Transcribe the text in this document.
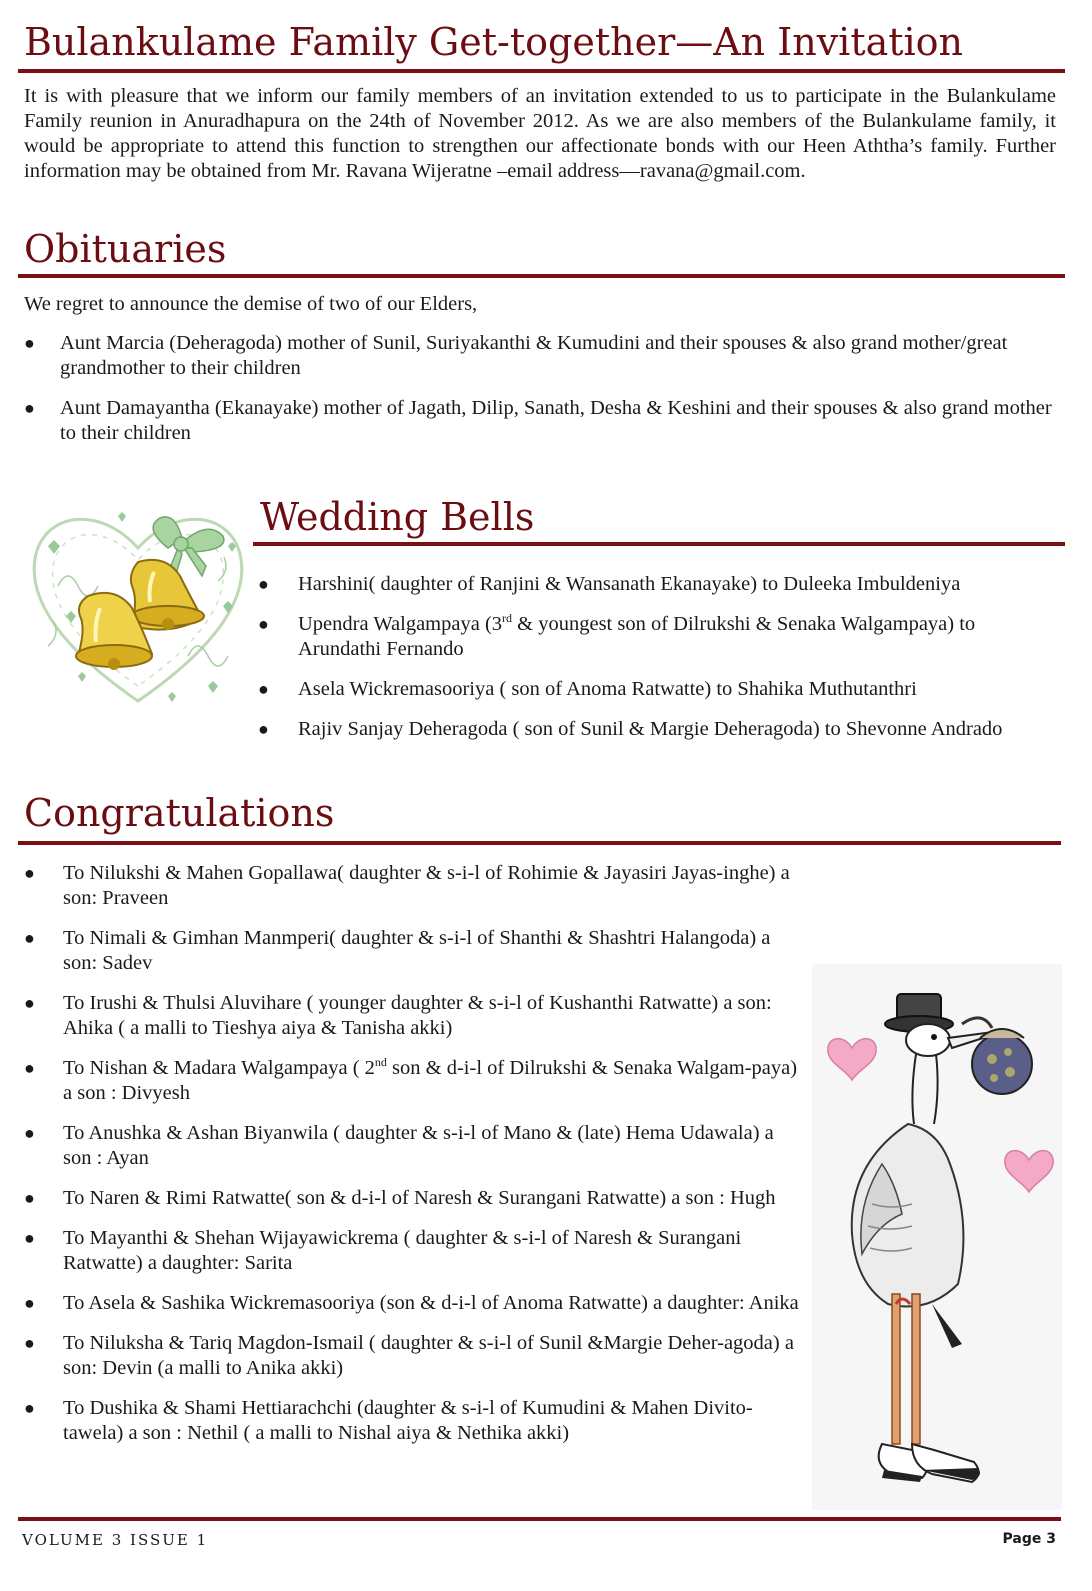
Bulankulame Family Get-together—An Invitation

It is with pleasure that we inform our family members of an invitation extended to us to participate in the Bulankulame Family reunion in Anuradhapura on the 24th of November 2012. As we are also members of the Bulankulame family, it would be appropriate to attend this function to strengthen our affectionate bonds with our Heen Aththa’s family. Further information may be obtained from Mr. Ravana Wijeratne –email address—ravana@gmail.com.

Obituaries

We regret to announce the demise of two of our Elders,

● Aunt Marcia (Deheragoda) mother of Sunil, Suriyakanthi & Kumudini and their spouses & also grand mother/great grandmother to their children
● Aunt Damayantha (Ekanayake) mother of Jagath, Dilip, Sanath, Desha & Keshini and their spouses & also grand mother to their children
Wedding Bells
● Harshini( daughter of Ranjini & Wansanath Ekanayake) to Duleeka Imbuldeniya
● Upendra Walgampaya (3rd & youngest son of Dilrukshi & Senaka Walgampaya) to Arundathi Fernando
● Asela Wickremasooriya ( son of Anoma Ratwatte) to Shahika Muthutanthri
● Rajiv Sanjay Deheragoda ( son of Sunil & Margie Deheragoda) to Shevonne Andrado
Congratulations
● To Nilukshi & Mahen Gopallawa( daughter & s-i-l of Rohimie & Jayasiri Jayas-inghe) a son: Praveen
● To Nimali & Gimhan Manmperi( daughter & s-i-l of Shanthi & Shashtri Halangoda) a son: Sadev
● To Irushi & Thulsi Aluvihare ( younger daughter & s-i-l of Kushanthi Ratwatte) a son: Ahika ( a malli to Tieshya aiya & Tanisha akki)
● To Nishan & Madara Walgampaya ( 2nd son & d-i-l of Dilrukshi & Senaka Walgam-paya) a son : Divyesh
● To Anushka & Ashan Biyanwila ( daughter & s-i-l of Mano & (late) Hema Udawala) a son : Ayan
● To Naren & Rimi Ratwatte( son & d-i-l of Naresh & Surangani Ratwatte) a son : Hugh
● To Mayanthi & Shehan Wijayawickrema ( daughter & s-i-l of Naresh & Surangani Ratwatte) a daughter: Sarita
● To Asela & Sashika Wickremasooriya (son & d-i-l of Anoma Ratwatte) a daughter: Anika
● To Niluksha & Tariq Magdon-Ismail ( daughter & s-i-l of Sunil &Margie Deher-agoda) a son: Devin (a malli to Anika akki)
● To Dushika & Shami Hettiarachchi (daughter & s-i-l of Kumudini & Mahen Divito-tawela) a son : Nethil ( a malli to Nishal aiya & Nethika akki)
VOLUME 3 ISSUE 1	Page 3
